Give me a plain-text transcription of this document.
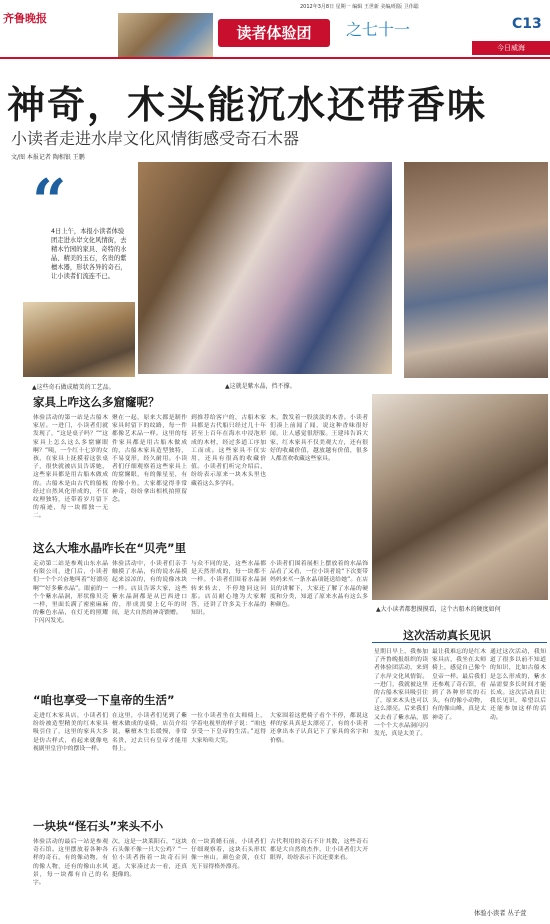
2012年3月8日 星期一 编辑 王世新 美编/组版 卫伟聪
齐鲁晚报
读者体验团	之七十一	C13
今日威海
神奇，木头能沉水还带香味
小读者走进水岸文化风情街感受奇石木器
文/图 本报记者 陶相银 王鹏
“
4日上午，本报小读者体验团走进水岸文化风情街，去精木竹园的家具、奇特的水晶、精美的玉石，名贵的紫檀木器，形状各异的奇石，让小读者们流连不已。
▲这些奇石做成精美的工艺品。	▲这就是紫水晶，挡不撑。
▲大小读者都想摸摸看，这个古船木的硬度如何
家具上咋这么多窟窿呢？
体验活动的第一站是古船木家居。一进门，小读者们就发现了，“这是桌子吗？”“这家具上怎么这么多窟窿眼啊？”咦，一个红十七岁的女孩，在家具上抚摸着这张桌子，很快就被店员告诉她，这些家具都是用古船木做成的。古船木是由古代的船板经过自然风化形成的，不仅纹理独特，还带着岁月留下的痕迹，每一块都独一无二。
聚在一起，原来大都是制作家具时留下的纹路，每一件都像艺术品一样。这里的每件家具都是用古船木做成的，古船木家具造型独特，不易变形，经久耐用。小读者们仔细观察着这些家具上的窟窿眼，有的像星星，有的像小鱼，大家都觉得非常神奇，纷纷拿出相机拍照留念。
到推荐给客户的，古船木家具都是古代船只经过几十年甚至上百年在海水中浸泡形成的木材，经过多道工序加工而成。这些家具不仅实用，还具有很高的收藏价值。小读者们听完介绍后，纷纷表示原来一块木头里也藏着这么多学问。
木，散发着一股淡淡的木香。小读者们凑上前闻了闻，说这种香味很好闻，让人感觉很舒服。王建玮告诉大家，红木家具不仅美观大方，还有很好的收藏价值，越放越有价值，很多人都喜欢收藏这些家具。
这么大堆水晶咋长在“贝壳”里
走动第二站是参观山东水晶有限公司，进门后，小读者们一个个兴奋地叫着“好漂亮啊”“好多紫水晶”。眼前的一个个紫水晶洞，形状像贝壳一样，里面长满了密密麻麻的紫色水晶，在灯光的照耀下闪闪发光。
体验活动中，小读者们亲手触摸了水晶，有的说水晶摸起来凉凉的，有的说像冰块一样。店员告诉大家，这些紫水晶洞都是从巴西进口的，形成需要上亿年的时间，是大自然的神奇馈赠。
与众不同的是，这些水晶都是天然形成的，每一块都不一样。小读者们围着水晶洞转来转去，不停地问这问那。店员耐心地为大家解答，还讲了许多关于水晶的知识。
小读者们围着展柜上摆放着的水晶饰品看了又看，一位小读者说“下次要带妈妈来买一条水晶项链送给她”。在店员的讲解下，大家还了解了水晶的硬度和分类，知道了原来水晶有这么多种颜色。
“咱也享受一下皇帝的生活”
走进红木家具店，小读者们纷纷被造型精美的红木家具吸引住了，这里的家具大多是仿古样式，看起来就像电视剧里皇宫中的摆设一样。
在这里，小读者们见到了紫檀木做成的桌椅，店员介绍说，紫檀木生长缓慢，非常名贵，过去只有皇帝才能用得上。
一位小读者坐在太师椅上，学着电视里的样子说：“咱也享受一下皇帝的生活。”逗得大家哈哈大笑。
大家围着这把椅子看个不停，都说这样的家具真是太漂亮了，有的小读者还拿出本子认真记下了家具的名字和价格。
一块块“怪石头”来头不小
体验活动的最后一站是参观奇石馆。这里摆放着各种各样的奇石，有的像动物，有的像人物，还有的像山水风景，每一块都有自己的名字。
次，这是一块莱阳石，“这块石头像不像一只大公鸡？”一位小读者指着一块奇石问道。大家凑过去一看，还真挺像的。
在一块黄蜡石前，小读者们仔细观察着，这块石头形状像一座山，颜色金黄，在灯光下显得格外漂亮。
古代利用的奇石不计其数，这些奇石都是大自然的杰作，让小读者们大开眼界，纷纷表示下次还要来看。
这次活动真长见识
星期日早上，我参加了齐鲁晚报组织的读者体验团活动，来到了水岸文化风情街。一进门，我就被这里的古船木家具吸引住了，原来木头也可以这么漂亮。后来我们又去看了紫水晶，那一个个大水晶洞闪闪发光，真是太美了。
最让我难忘的是红木家具店，我坐在太师椅上，感觉自己像个皇帝一样。最后我们还参观了奇石馆，看到了各种形状的石头，有的像小动物，有的像山峰，真是太神奇了。
通过这次活动，我知道了很多以前不知道的知识，比如古船木是怎么形成的，紫水晶需要多长时间才能长成。这次活动真让我长见识，希望以后还能参加这样的活动。
体验小读者 丛子萱
